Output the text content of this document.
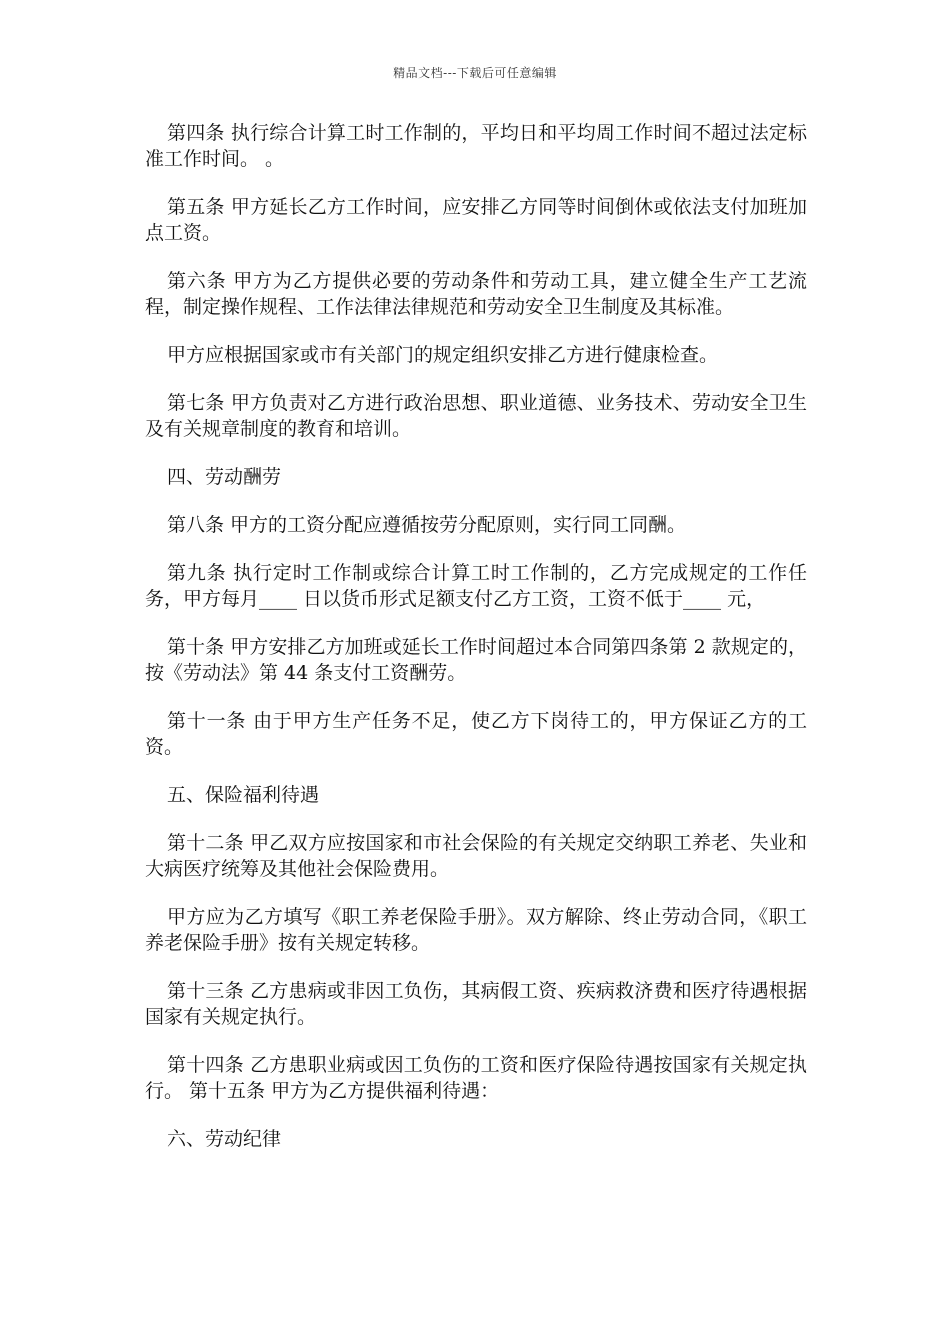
精品文档---下载后可任意编辑

第四条 执行综合计算工时工作制的，平均日和平均周工作时间不超过法定标准工作时间。 。

第五条 甲方延长乙方工作时间，应安排乙方同等时间倒休或依法支付加班加点工资。

第六条 甲方为乙方提供必要的劳动条件和劳动工具，建立健全生产工艺流程，制定操作规程、工作法律法律规范和劳动安全卫生制度及其标准。

甲方应根据国家或市有关部门的规定组织安排乙方进行健康检查。

第七条 甲方负责对乙方进行政治思想、职业道德、业务技术、劳动安全卫生及有关规章制度的教育和培训。

四、劳动酬劳

第八条 甲方的工资分配应遵循按劳分配原则，实行同工同酬。

第九条 执行定时工作制或综合计算工时工作制的，乙方完成规定的工作任务，甲方每月____ 日以货币形式足额支付乙方工资，工资不低于____ 元，

第十条 甲方安排乙方加班或延长工作时间超过本合同第四条第 2 款规定的，按《劳动法》第 44 条支付工资酬劳。

第十一条 由于甲方生产任务不足，使乙方下岗待工的，甲方保证乙方的工资。

五、保险福利待遇

第十二条 甲乙双方应按国家和市社会保险的有关规定交纳职工养老、失业和大病医疗统筹及其他社会保险费用。

甲方应为乙方填写《职工养老保险手册》。双方解除、终止劳动合同，《职工养老保险手册》按有关规定转移。

第十三条 乙方患病或非因工负伤，其病假工资、疾病救济费和医疗待遇根据国家有关规定执行。

第十四条 乙方患职业病或因工负伤的工资和医疗保险待遇按国家有关规定执行。 第十五条 甲方为乙方提供福利待遇：

六、劳动纪律
